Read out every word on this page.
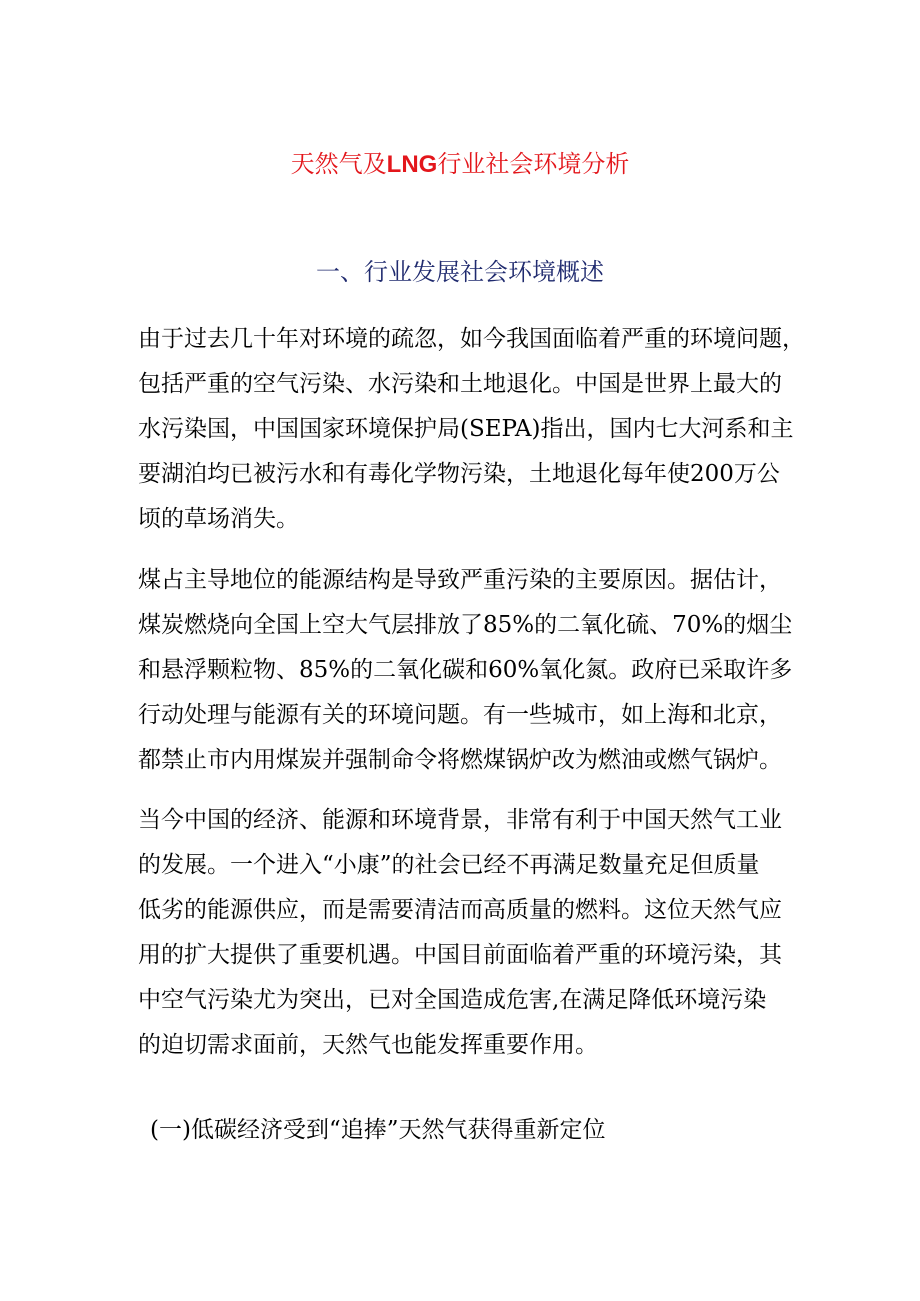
天然气及LNG行业社会环境分析
一、行业发展社会环境概述
由于过去几十年对环境的疏忽，如今我国面临着严重的环境问题，
包括严重的空气污染、水污染和土地退化。中国是世界上最大的
水污染国，中国国家环境保护局(SEPA)指出，国内七大河系和主
要湖泊均已被污水和有毒化学物污染，土地退化每年使200万公
顷的草场消失。
煤占主导地位的能源结构是导致严重污染的主要原因。据估计，
煤炭燃烧向全国上空大气层排放了85%的二氧化硫、70%的烟尘
和悬浮颗粒物、85%的二氧化碳和60%氧化氮。政府已采取许多
行动处理与能源有关的环境问题。有一些城市，如上海和北京，
都禁止市内用煤炭并强制命令将燃煤锅炉改为燃油或燃气锅炉。
当今中国的经济、能源和环境背景，非常有利于中国天然气工业
的发展。一个进入“小康”的社会已经不再满足数量充足但质量
低劣的能源供应，而是需要清洁而高质量的燃料。这位天然气应
用的扩大提供了重要机遇。中国目前面临着严重的环境污染，其
中空气污染尤为突出，已对全国造成危害,在满足降低环境污染
的迫切需求面前，天然气也能发挥重要作用。
(一)低碳经济受到“追捧”天然气获得重新定位
